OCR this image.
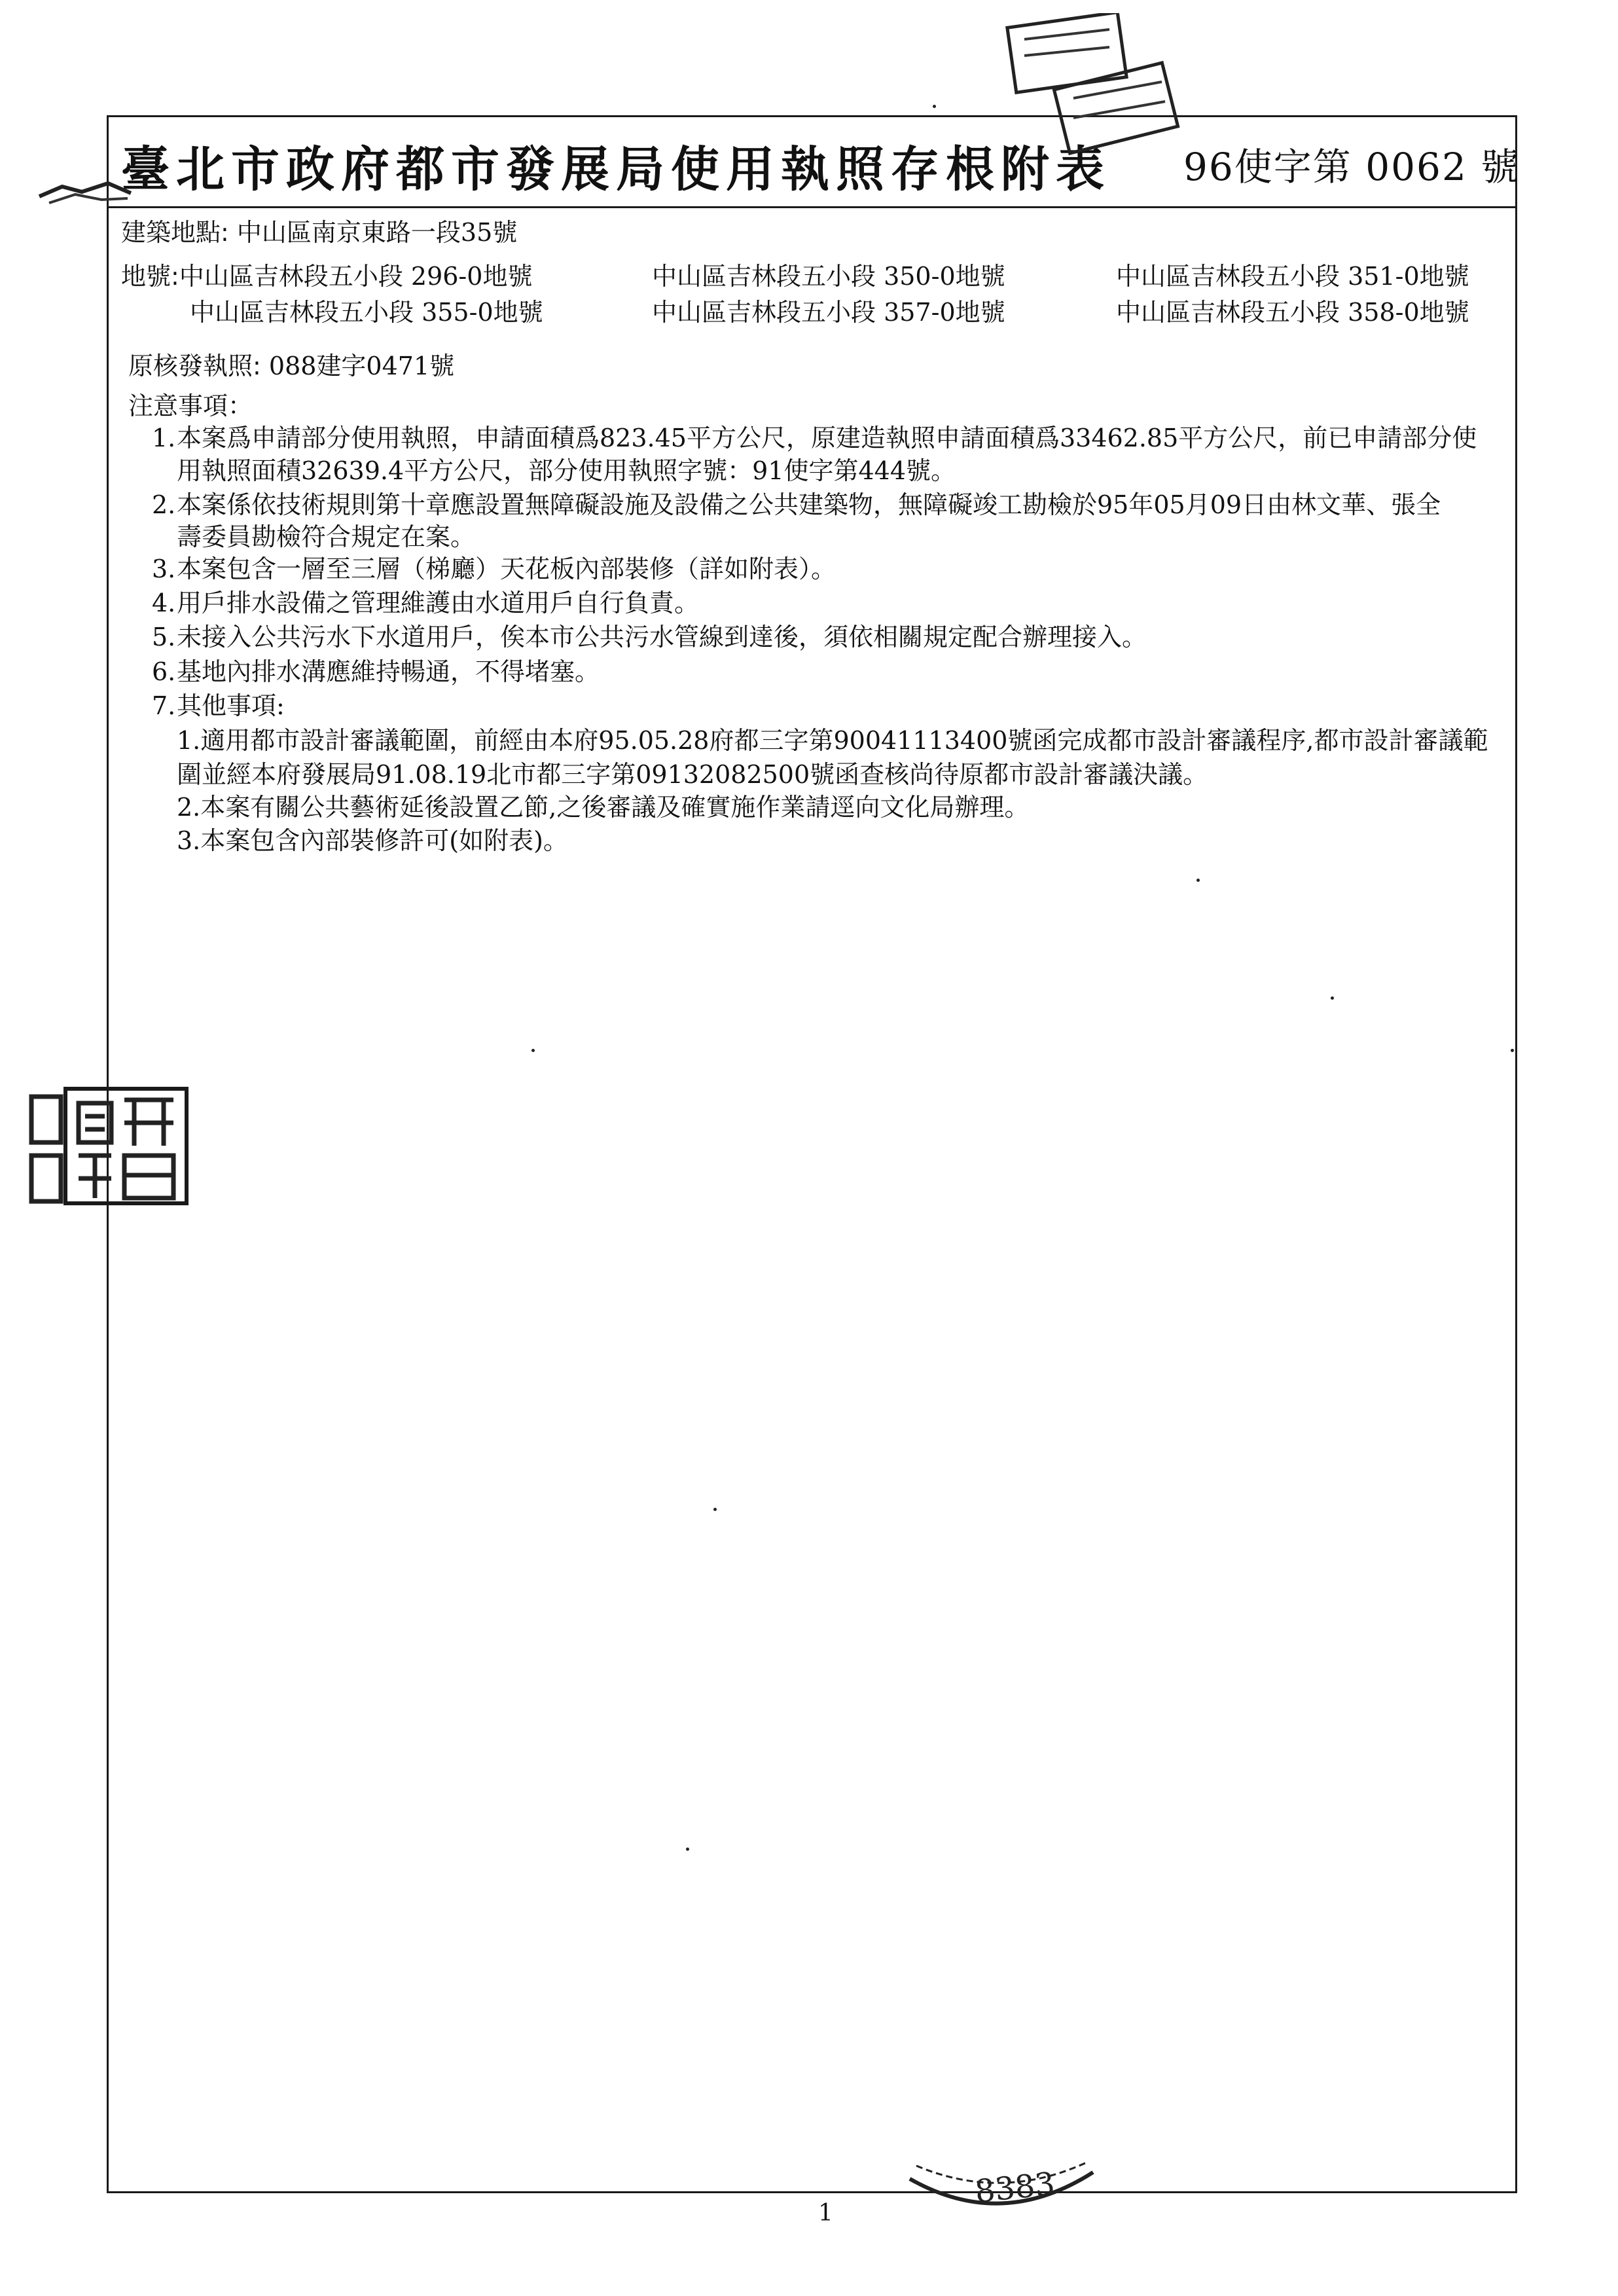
臺北市政府都市發展局使用執照存根附表 96使字第 0062 號
建築地點: 中山區南京東路一段35號
地號:中山區吉林段五小段 296-0地號	中山區吉林段五小段 350-0地號	中山區吉林段五小段 351-0地號
中山區吉林段五小段 355-0地號	中山區吉林段五小段 357-0地號	中山區吉林段五小段 358-0地號
原核發執照: 088建字0471號
注意事項：
1.本案爲申請部分使用執照，申請面積爲823.45平方公尺，原建造執照申請面積爲33462.85平方公尺，前已申請部分使
用執照面積32639.4平方公尺，部分使用執照字號：91使字第444號。
2.本案係依技術規則第十章應設置無障礙設施及設備之公共建築物，無障礙竣工勘檢於95年05月09日由林文華、張全
壽委員勘檢符合規定在案。
3.本案包含一層至三層（梯廳）天花板內部裝修（詳如附表）。
4.用戶排水設備之管理維護由水道用戶自行負責。
5.未接入公共污水下水道用戶，俟本市公共污水管線到達後，須依相關規定配合辦理接入。
6.基地內排水溝應維持暢通，不得堵塞。
7.其他事項:
1.適用都市設計審議範圍，前經由本府95.05.28府都三字第90041113400號函完成都市設計審議程序,都市設計審議範
圍並經本府發展局91.08.19北市都三字第09132082500號函查核尚待原都市設計審議決議。
2.本案有關公共藝術延後設置乙節,之後審議及確實施作業請逕向文化局辦理。
3.本案包含內部裝修許可(如附表)。
8383
1
